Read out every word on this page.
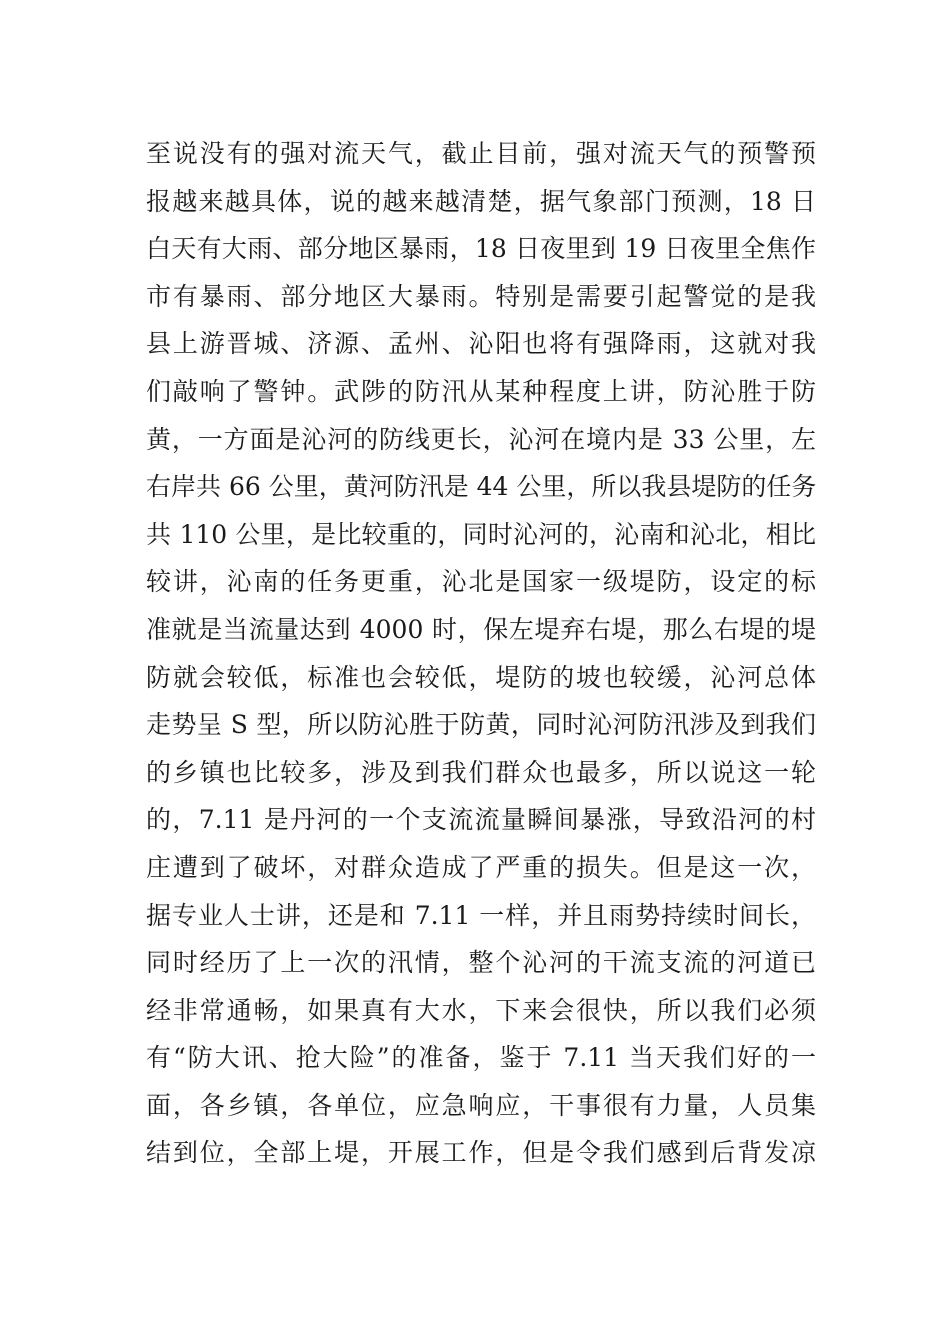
至说没有的强对流天气，截止目前，强对流天气的预警预
报越来越具体，说的越来越清楚，据气象部门预测，18 日
白天有大雨、部分地区暴雨，18 日夜里到 19 日夜里全焦作
市有暴雨、部分地区大暴雨。特别是需要引起警觉的是我
县上游晋城、济源、孟州、沁阳也将有强降雨，这就对我
们敲响了警钟。武陟的防汛从某种程度上讲，防沁胜于防
黄，一方面是沁河的防线更长，沁河在境内是 33 公里，左
右岸共 66 公里，黄河防汛是 44 公里，所以我县堤防的任务
共 110 公里，是比较重的，同时沁河的，沁南和沁北，相比
较讲，沁南的任务更重，沁北是国家一级堤防，设定的标
准就是当流量达到 4000 时，保左堤弃右堤，那么右堤的堤
防就会较低，标准也会较低，堤防的坡也较缓，沁河总体
走势呈 S 型，所以防沁胜于防黄，同时沁河防汛涉及到我们
的乡镇也比较多，涉及到我们群众也最多，所以说这一轮
的，7.11 是丹河的一个支流流量瞬间暴涨，导致沿河的村
庄遭到了破坏，对群众造成了严重的损失。但是这一次，
据专业人士讲，还是和 7.11 一样，并且雨势持续时间长，
同时经历了上一次的汛情，整个沁河的干流支流的河道已
经非常通畅，如果真有大水，下来会很快，所以我们必须
有“防大讯、抢大险”的准备，鉴于 7.11 当天我们好的一
面，各乡镇，各单位，应急响应，干事很有力量，人员集
结到位，全部上堤，开展工作，但是令我们感到后背发凉
